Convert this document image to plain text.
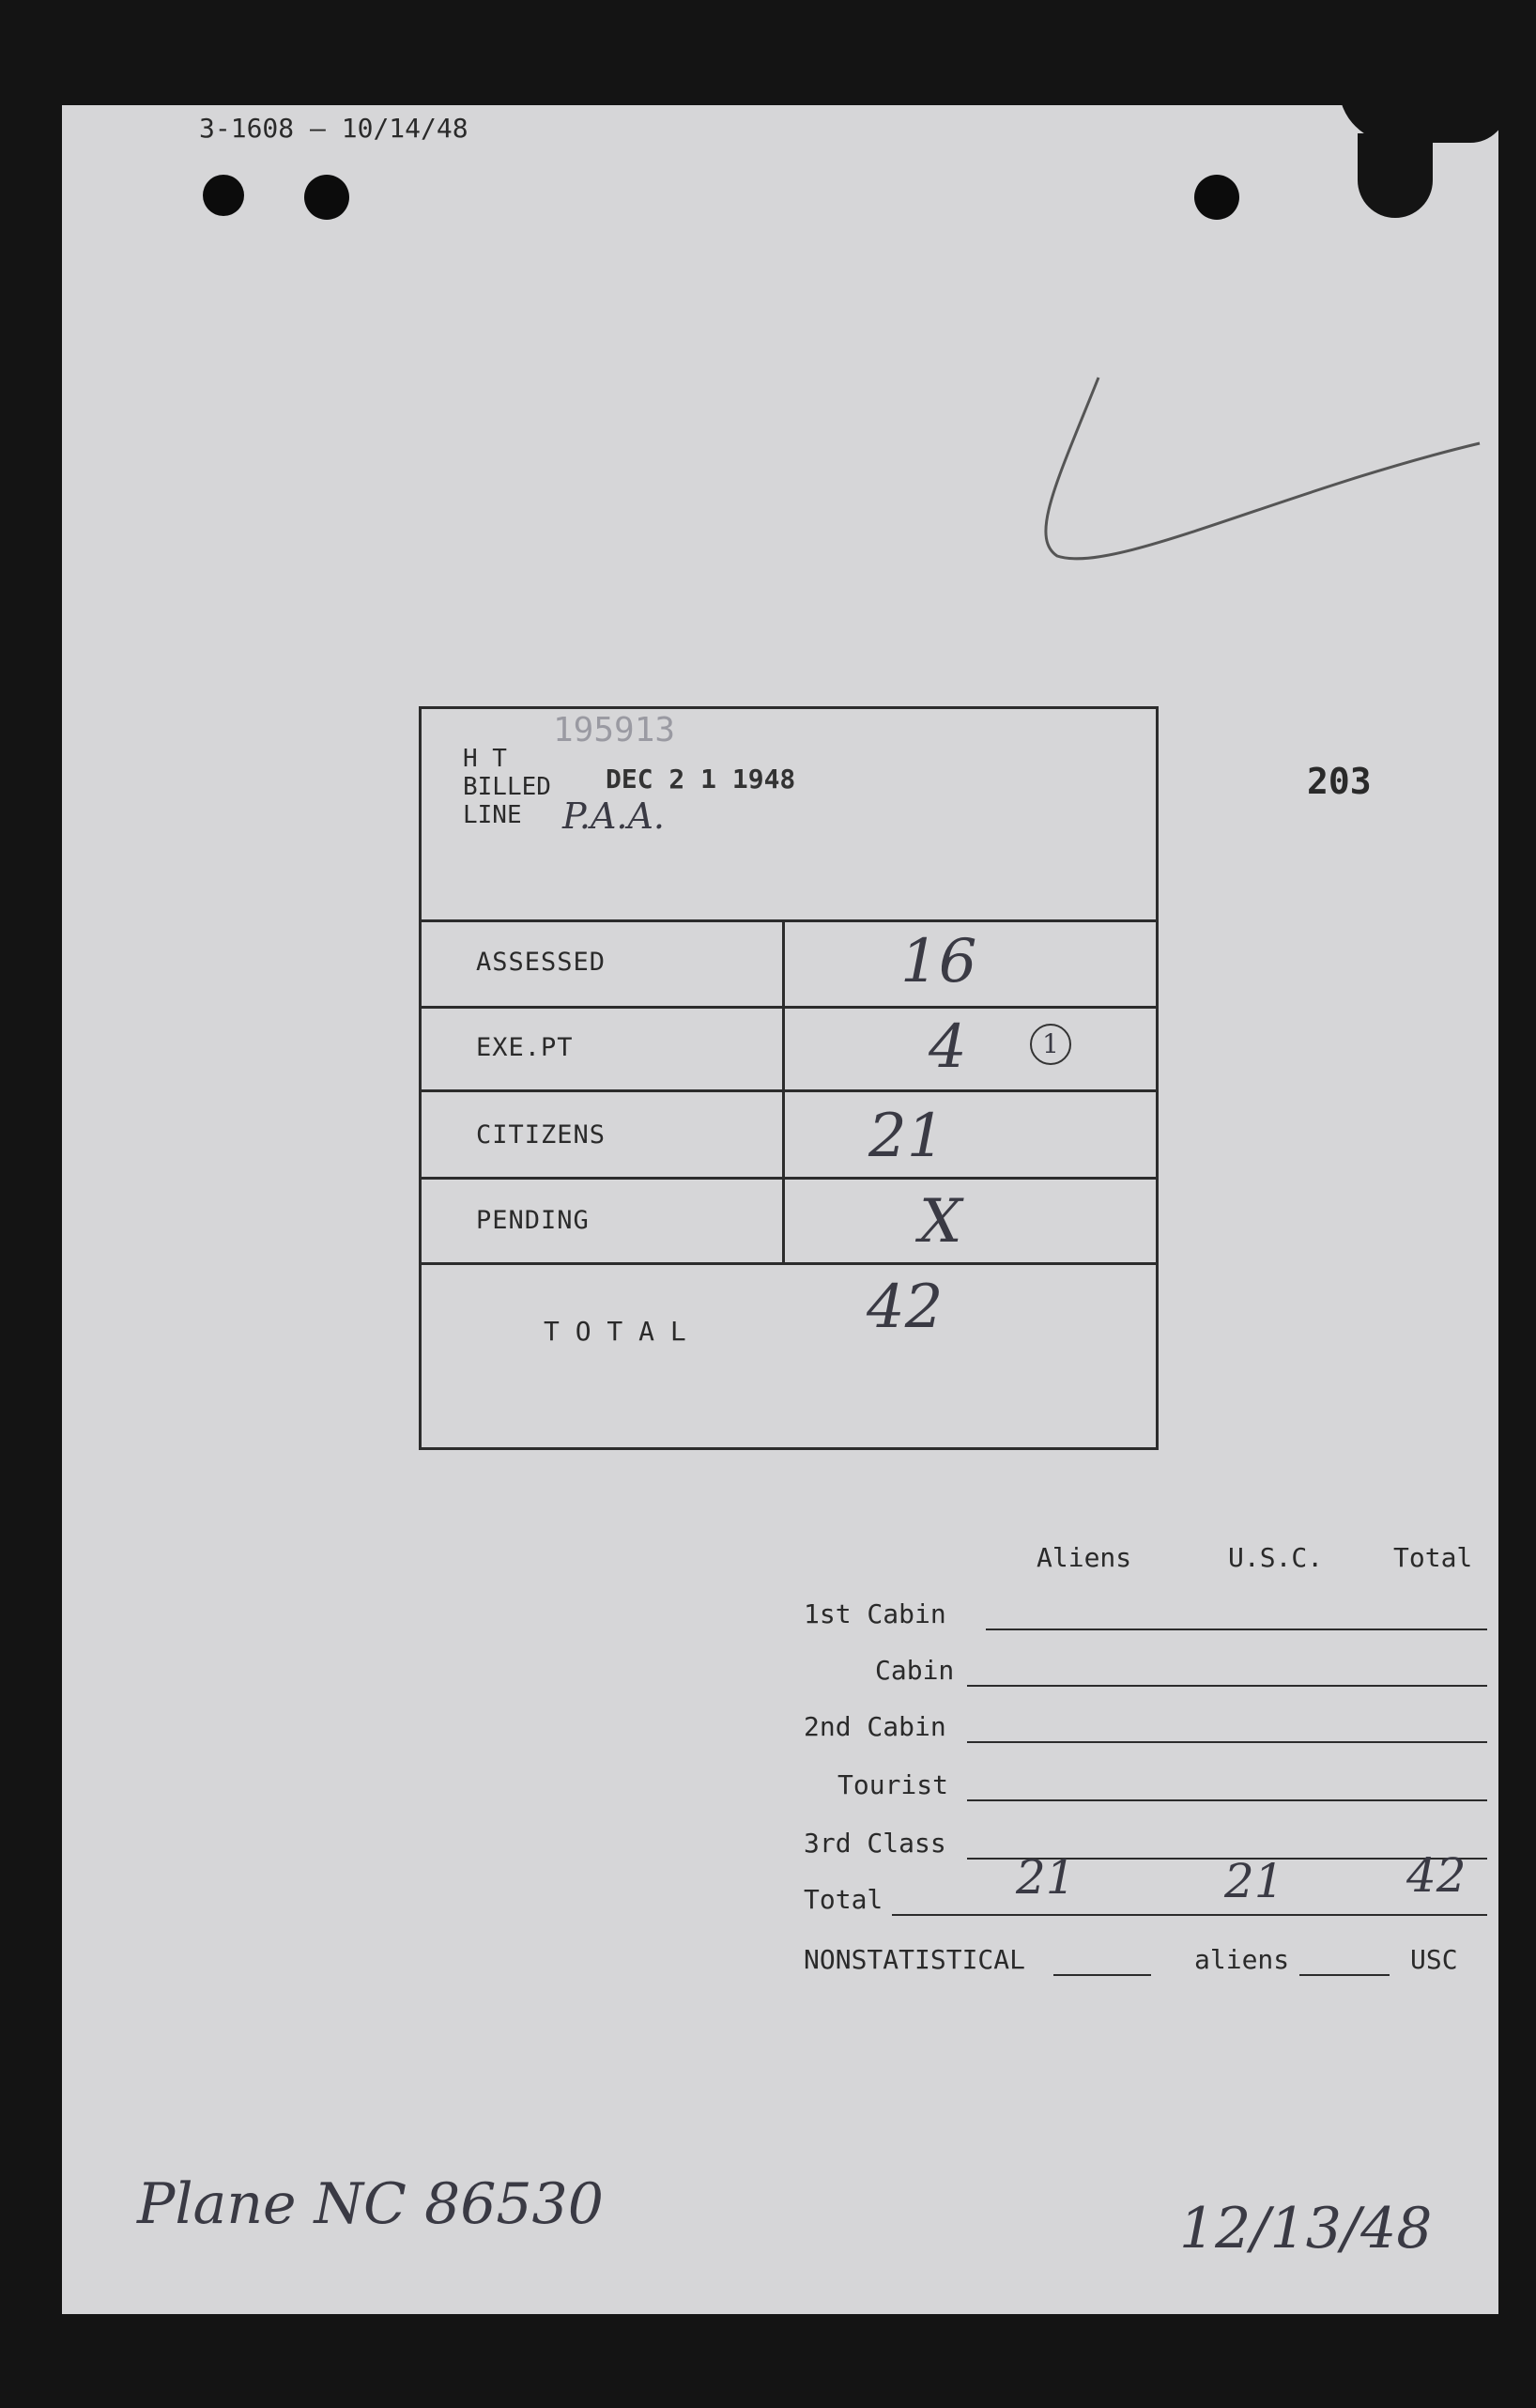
3-1608 – 10/14/48
203
195913
H T
BILLED DEC 2 1 1948
LINE P.A.A.
ASSESSED	16
EXE.PT	4	1
CITIZENS	21
PENDING	X
T O T A L	42
Aliens	U.S.C.	Total
1st Cabin
Cabin
2nd Cabin
Tourist
3rd Class
Total	21	21	42
NONSTATISTICAL	aliens	USC
Plane NC 86530	12/13/48
